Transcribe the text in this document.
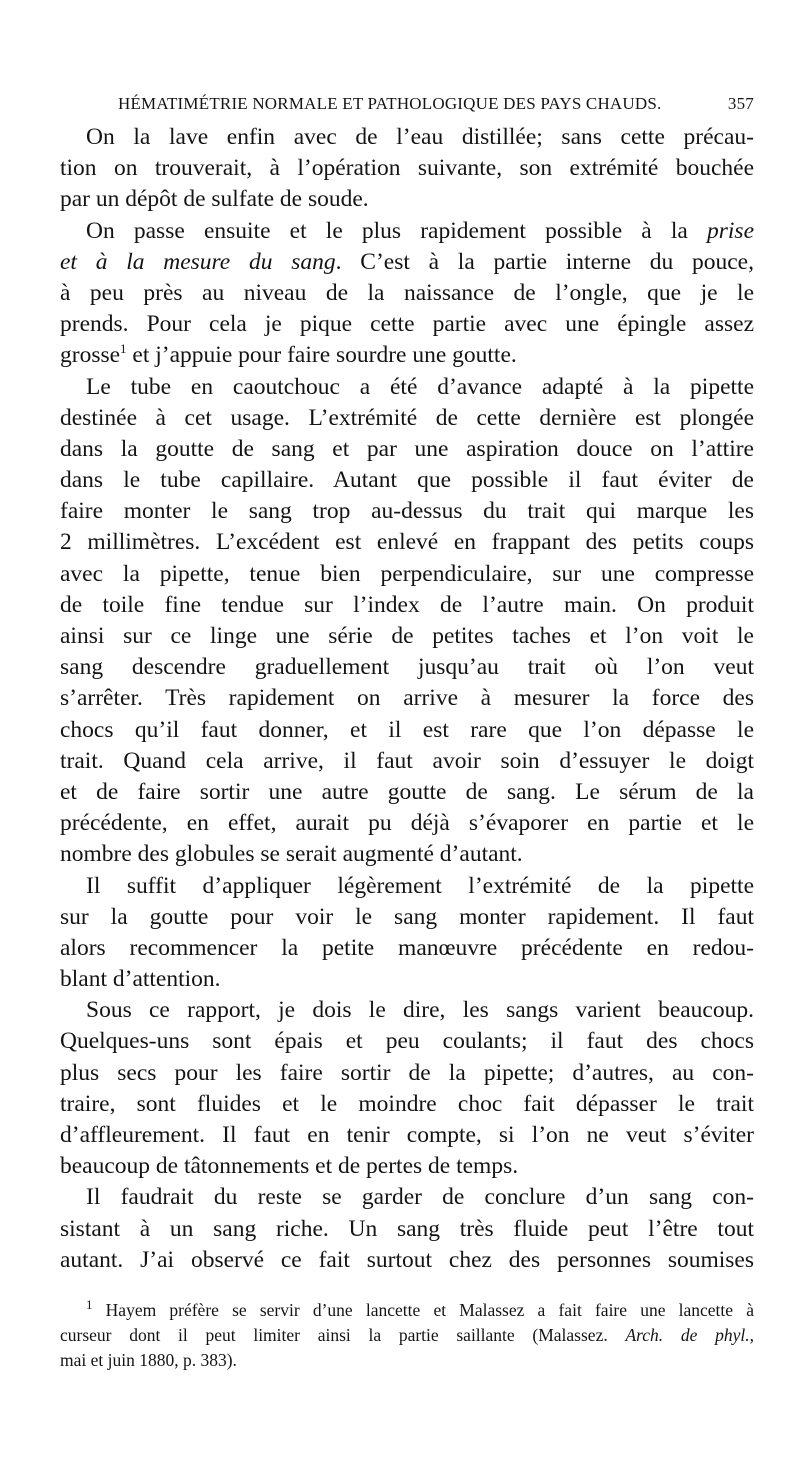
HÉMATIMÉTRIE NORMALE ET PATHOLOGIQUE DES PAYS CHAUDS.	357
On la lave enfin avec de l’eau distillée; sans cette précau-
tion on trouverait, à l’opération suivante, son extrémité bouchée
par un dépôt de sulfate de soude.
On passe ensuite et le plus rapidement possible à la prise
et à la mesure du sang. C’est à la partie interne du pouce,
à peu près au niveau de la naissance de l’ongle, que je le
prends. Pour cela je pique cette partie avec une épingle assez
grosse$^1$ et j’appuie pour faire sourdre une goutte.
Le tube en caoutchouc a été d’avance adapté à la pipette
destinée à cet usage. L’extrémité de cette dernière est plongée
dans la goutte de sang et par une aspiration douce on l’attire
dans le tube capillaire. Autant que possible il faut éviter de
faire monter le sang trop au-dessus du trait qui marque les
2 millimètres. L’excédent est enlevé en frappant des petits coups
avec la pipette, tenue bien perpendiculaire, sur une compresse
de toile fine tendue sur l’index de l’autre main. On produit
ainsi sur ce linge une série de petites taches et l’on voit le
sang descendre graduellement jusqu’au trait où l’on veut
s’arrêter. Très rapidement on arrive à mesurer la force des
chocs qu’il faut donner, et il est rare que l’on dépasse le
trait. Quand cela arrive, il faut avoir soin d’essuyer le doigt
et de faire sortir une autre goutte de sang. Le sérum de la
précédente, en effet, aurait pu déjà s’évaporer en partie et le
nombre des globules se serait augmenté d’autant.
Il suffit d’appliquer légèrement l’extrémité de la pipette
sur la goutte pour voir le sang monter rapidement. Il faut
alors recommencer la petite manœuvre précédente en redou-
blant d’attention.
Sous ce rapport, je dois le dire, les sangs varient beaucoup.
Quelques-uns sont épais et peu coulants; il faut des chocs
plus secs pour les faire sortir de la pipette; d’autres, au con-
traire, sont fluides et le moindre choc fait dépasser le trait
d’affleurement. Il faut en tenir compte, si l’on ne veut s’éviter
beaucoup de tâtonnements et de pertes de temps.
Il faudrait du reste se garder de conclure d’un sang con-
sistant à un sang riche. Un sang très fluide peut l’être tout
autant. J’ai observé ce fait surtout chez des personnes soumises
$^1$ Hayem préfère se servir d’une lancette et Malassez a fait faire une lancette à
curseur dont il peut limiter ainsi la partie saillante (Malassez. Arch. de phyl.,
mai et juin 1880, p. 383).
